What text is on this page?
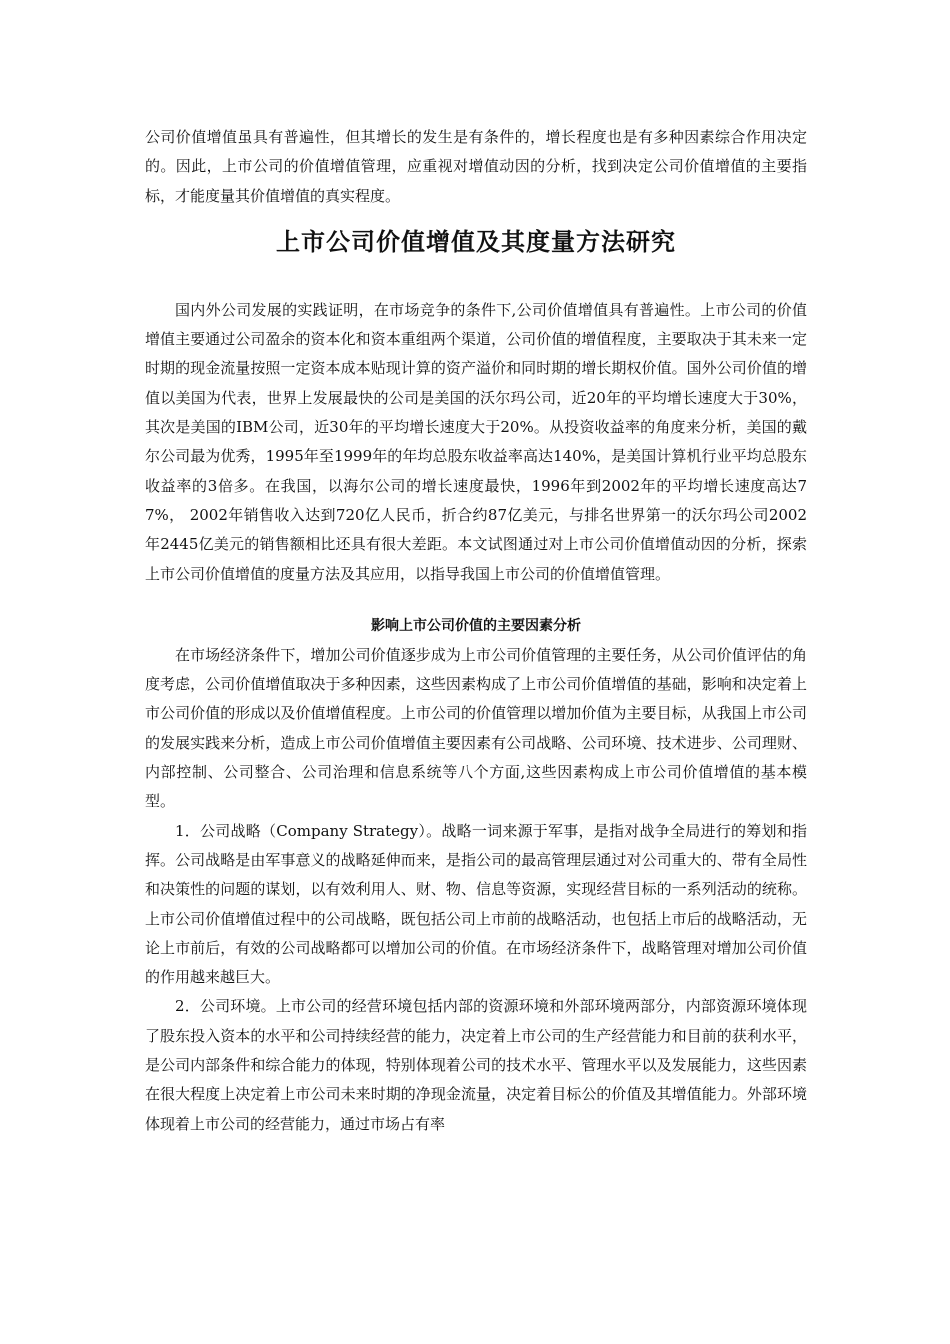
公司价值增值虽具有普遍性，但其增长的发生是有条件的，增长程度也是有多种因素综合作用决定的。因此，上市公司的价值增值管理，应重视对增值动因的分析，找到决定公司价值增值的主要指标，才能度量其价值增值的真实程度。

上市公司价值增值及其度量方法研究

国内外公司发展的实践证明，在市场竞争的条件下,公司价值增值具有普遍性。上市公司的价值增值主要通过公司盈余的资本化和资本重组两个渠道，公司价值的增值程度，主要取决于其未来一定时期的现金流量按照一定资本成本贴现计算的资产溢价和同时期的增长期权价值。国外公司价值的增值以美国为代表，世界上发展最快的公司是美国的沃尔玛公司，近20年的平均增长速度大于30%，其次是美国的IBM公司，近30年的平均增长速度大于20%。从投资收益率的角度来分析，美国的戴尔公司最为优秀，1995年至1999年的年均总股东收益率高达140%，是美国计算机行业平均总股东收益率的3倍多。在我国，以海尔公司的增长速度最快，1996年到2002年的平均增长速度高达77%， 2002年销售收入达到720亿人民币，折合约87亿美元，与排名世界第一的沃尔玛公司2002年2445亿美元的销售额相比还具有很大差距。本文试图通过对上市公司价值增值动因的分析，探索上市公司价值增值的度量方法及其应用，以指导我国上市公司的价值增值管理。

影响上市公司价值的主要因素分析

在市场经济条件下，增加公司价值逐步成为上市公司价值管理的主要任务，从公司价值评估的角度考虑，公司价值增值取决于多种因素，这些因素构成了上市公司价值增值的基础，影响和决定着上市公司价值的形成以及价值增值程度。上市公司的价值管理以增加价值为主要目标，从我国上市公司的发展实践来分析，造成上市公司价值增值主要因素有公司战略、公司环境、技术进步、公司理财、内部控制、公司整合、公司治理和信息系统等八个方面,这些因素构成上市公司价值增值的基本模型。

1．公司战略（Company Strategy）。战略一词来源于军事，是指对战争全局进行的筹划和指挥。公司战略是由军事意义的战略延伸而来，是指公司的最高管理层通过对公司重大的、带有全局性和决策性的问题的谋划，以有效利用人、财、物、信息等资源，实现经营目标的一系列活动的统称。上市公司价值增值过程中的公司战略，既包括公司上市前的战略活动，也包括上市后的战略活动，无论上市前后，有效的公司战略都可以增加公司的价值。在市场经济条件下，战略管理对增加公司价值的作用越来越巨大。

2．公司环境。上市公司的经营环境包括内部的资源环境和外部环境两部分，内部资源环境体现了股东投入资本的水平和公司持续经营的能力，决定着上市公司的生产经营能力和目前的获利水平，是公司内部条件和综合能力的体现，特别体现着公司的技术水平、管理水平以及发展能力，这些因素在很大程度上决定着上市公司未来时期的净现金流量，决定着目标公的价值及其增值能力。外部环境体现着上市公司的经营能力，通过市场占有率
